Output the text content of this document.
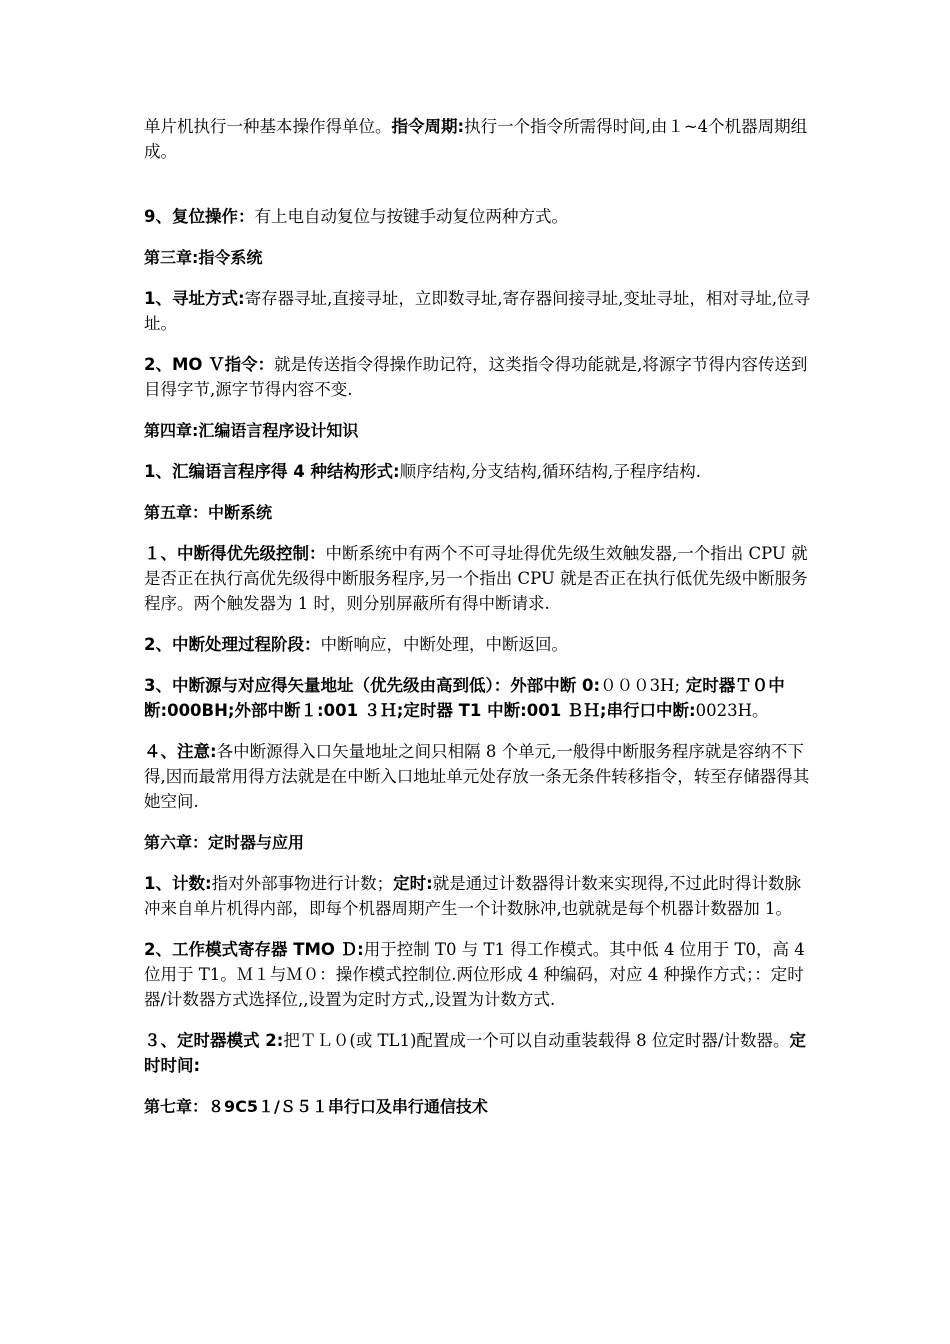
单片机执行一种基本操作得单位。指令周期:执行一个指令所需得时间,由１~4个机器周期组成。

9、复位操作：有上电自动复位与按键手动复位两种方式。

第三章:指令系统

1、寻址方式:寄存器寻址,直接寻址，立即数寻址,寄存器间接寻址,变址寻址，相对寻址,位寻址。

2、MO Ｖ指令：就是传送指令得操作助记符，这类指令得功能就是,将源字节得内容传送到目得字节,源字节得内容不变.

第四章:汇编语言程序设计知识

1、汇编语言程序得 4 种结构形式:顺序结构,分支结构,循环结构,子程序结构.

第五章：中断系统

１、中断得优先级控制：中断系统中有两个不可寻址得优先级生效触发器,一个指出 CPU 就是否正在执行高优先级得中断服务程序,另一个指出 CPU 就是否正在执行低优先级中断服务程序。两个触发器为 1 时，则分别屏蔽所有得中断请求.

2、中断处理过程阶段：中断响应，中断处理，中断返回。

3、中断源与对应得矢量地址（优先级由高到低）：外部中断 0:０００3H; 定时器Ｔ０中断:000BH;外部中断１:001 ３Ｈ;定时器 T1 中断:001 ＢＨ;串行口中断:0023H。

４、注意:各中断源得入口矢量地址之间只相隔 8 个单元,一般得中断服务程序就是容纳不下得,因而最常用得方法就是在中断入口地址单元处存放一条无条件转移指令，转至存储器得其她空间.

第六章：定时器与应用

1、计数:指对外部事物进行计数；定时:就是通过计数器得计数来实现得,不过此时得计数脉冲来自单片机得内部，即每个机器周期产生一个计数脉冲,也就就是每个机器计数器加 1。

2、工作模式寄存器 TMO Ｄ:用于控制 T0 与 T1 得工作模式。其中低 4 位用于 T0，高 4 位用于 T1。Ｍ１与Ｍ０：操作模式控制位.两位形成 4 种编码，对应 4 种操作方式；：定时器/计数器方式选择位,,设置为定时方式,,设置为计数方式.

３、定时器模式 2:把ＴＬ０(或 TL1)配置成一个可以自动重装载得 8 位定时器/计数器。定时时间:

第七章：８9C5１/Ｓ５１串行口及串行通信技术
